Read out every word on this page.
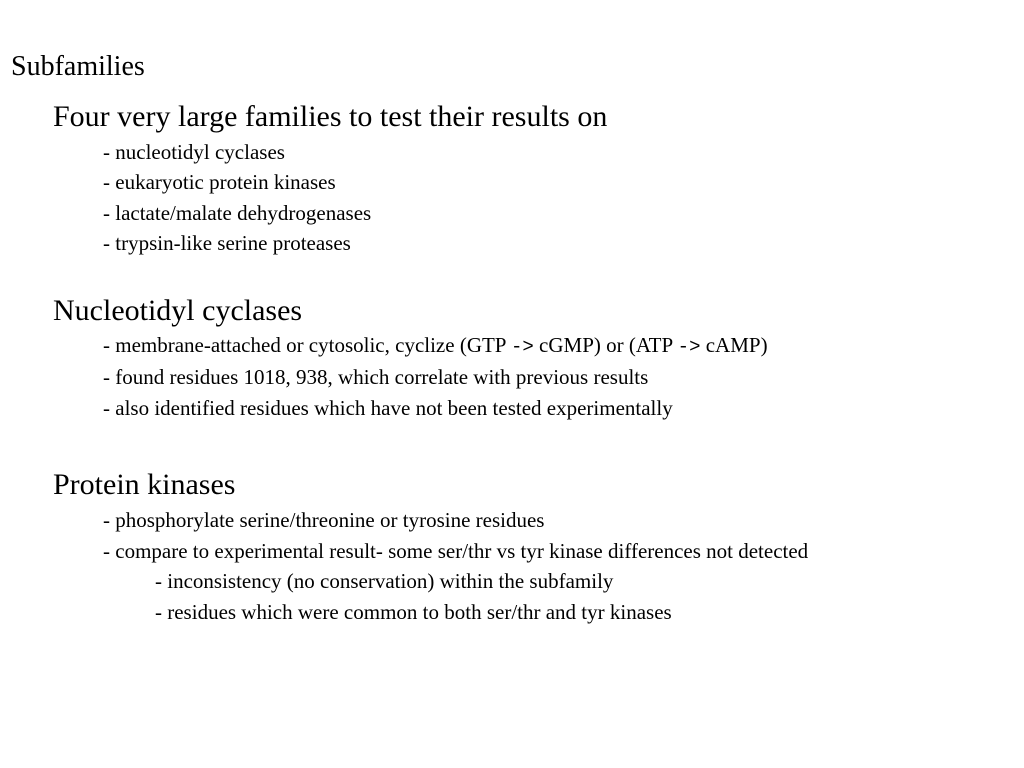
Subfamilies
Four very large families to test their results on
- nucleotidyl cyclases
- eukaryotic protein kinases
- lactate/malate dehydrogenases
- trypsin-like serine proteases
Nucleotidyl cyclases
- membrane-attached or cytosolic, cyclize (GTP -> cGMP) or (ATP -> cAMP)
- found residues 1018, 938, which correlate with previous results
- also identified residues which have not been tested experimentally
Protein kinases
- phosphorylate serine/threonine or tyrosine residues
- compare to experimental result- some ser/thr vs tyr kinase differences not detected
- inconsistency (no conservation) within the subfamily
- residues which were common to both ser/thr and tyr kinases
